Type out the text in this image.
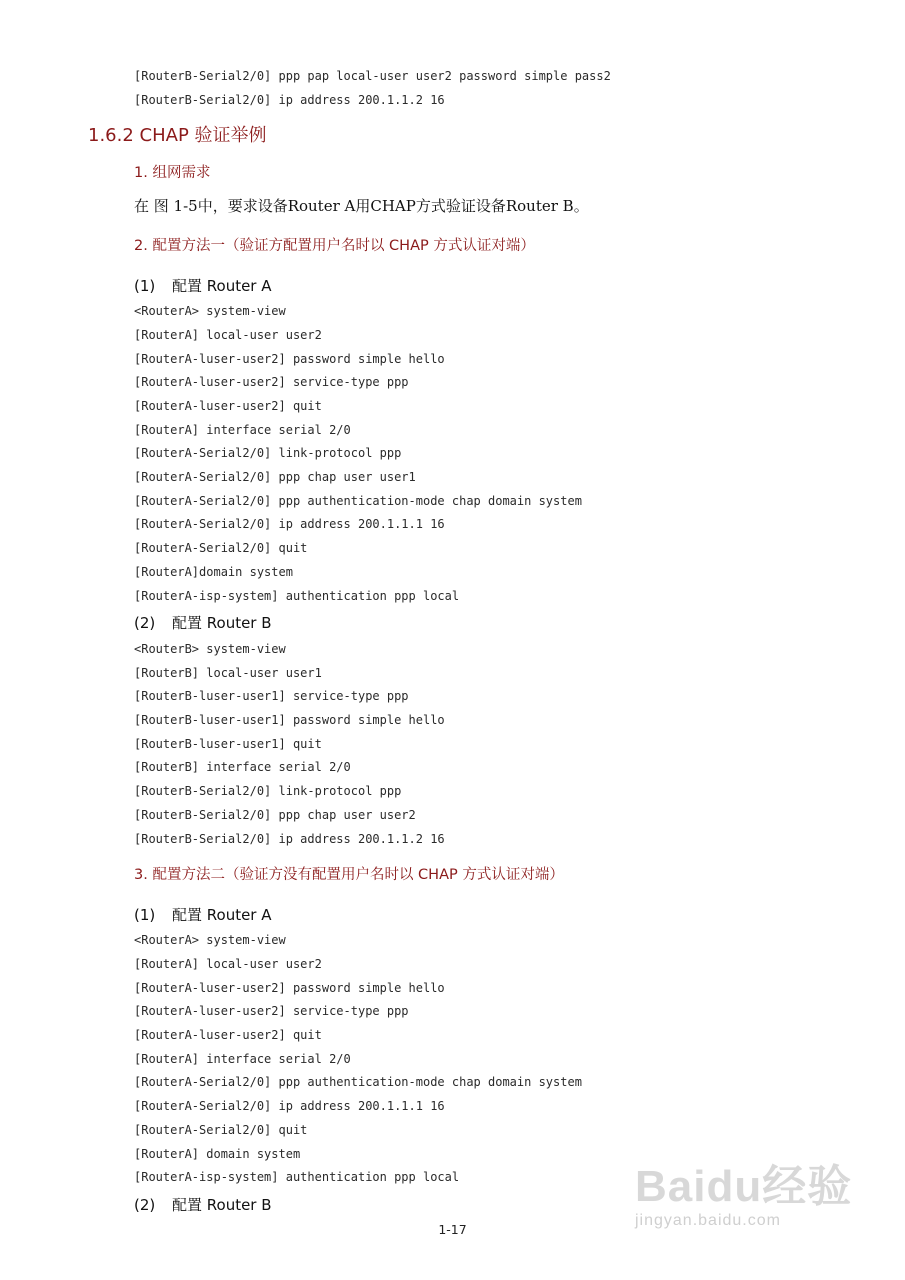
[RouterB-Serial2/0] ppp pap local-user user2 password simple pass2
[RouterB-Serial2/0] ip address 200.1.1.2 16
1.6.2 CHAP 验证举例
1. 组网需求
在 图 1-5中，要求设备Router A用CHAP方式验证设备Router B。
2. 配置方法一（验证方配置用户名时以 CHAP 方式认证对端）
(1) 配置 Router A
<RouterA> system-view
[RouterA] local-user user2
[RouterA-luser-user2] password simple hello
[RouterA-luser-user2] service-type ppp
[RouterA-luser-user2] quit
[RouterA] interface serial 2/0
[RouterA-Serial2/0] link-protocol ppp
[RouterA-Serial2/0] ppp chap user user1
[RouterA-Serial2/0] ppp authentication-mode chap domain system
[RouterA-Serial2/0] ip address 200.1.1.1 16
[RouterA-Serial2/0] quit
[RouterA]domain system
[RouterA-isp-system] authentication ppp local
(2) 配置 Router B
<RouterB> system-view
[RouterB] local-user user1
[RouterB-luser-user1] service-type ppp
[RouterB-luser-user1] password simple hello
[RouterB-luser-user1] quit
[RouterB] interface serial 2/0
[RouterB-Serial2/0] link-protocol ppp
[RouterB-Serial2/0] ppp chap user user2
[RouterB-Serial2/0] ip address 200.1.1.2 16
3. 配置方法二（验证方没有配置用户名时以 CHAP 方式认证对端）
(1) 配置 Router A
<RouterA> system-view
[RouterA] local-user user2
[RouterA-luser-user2] password simple hello
[RouterA-luser-user2] service-type ppp
[RouterA-luser-user2] quit
[RouterA] interface serial 2/0
[RouterA-Serial2/0] ppp authentication-mode chap domain system
[RouterA-Serial2/0] ip address 200.1.1.1 16
[RouterA-Serial2/0] quit
[RouterA] domain system
[RouterA-isp-system] authentication ppp local
(2) 配置 Router B
1-17
Baidu经验
jingyan.baidu.com
